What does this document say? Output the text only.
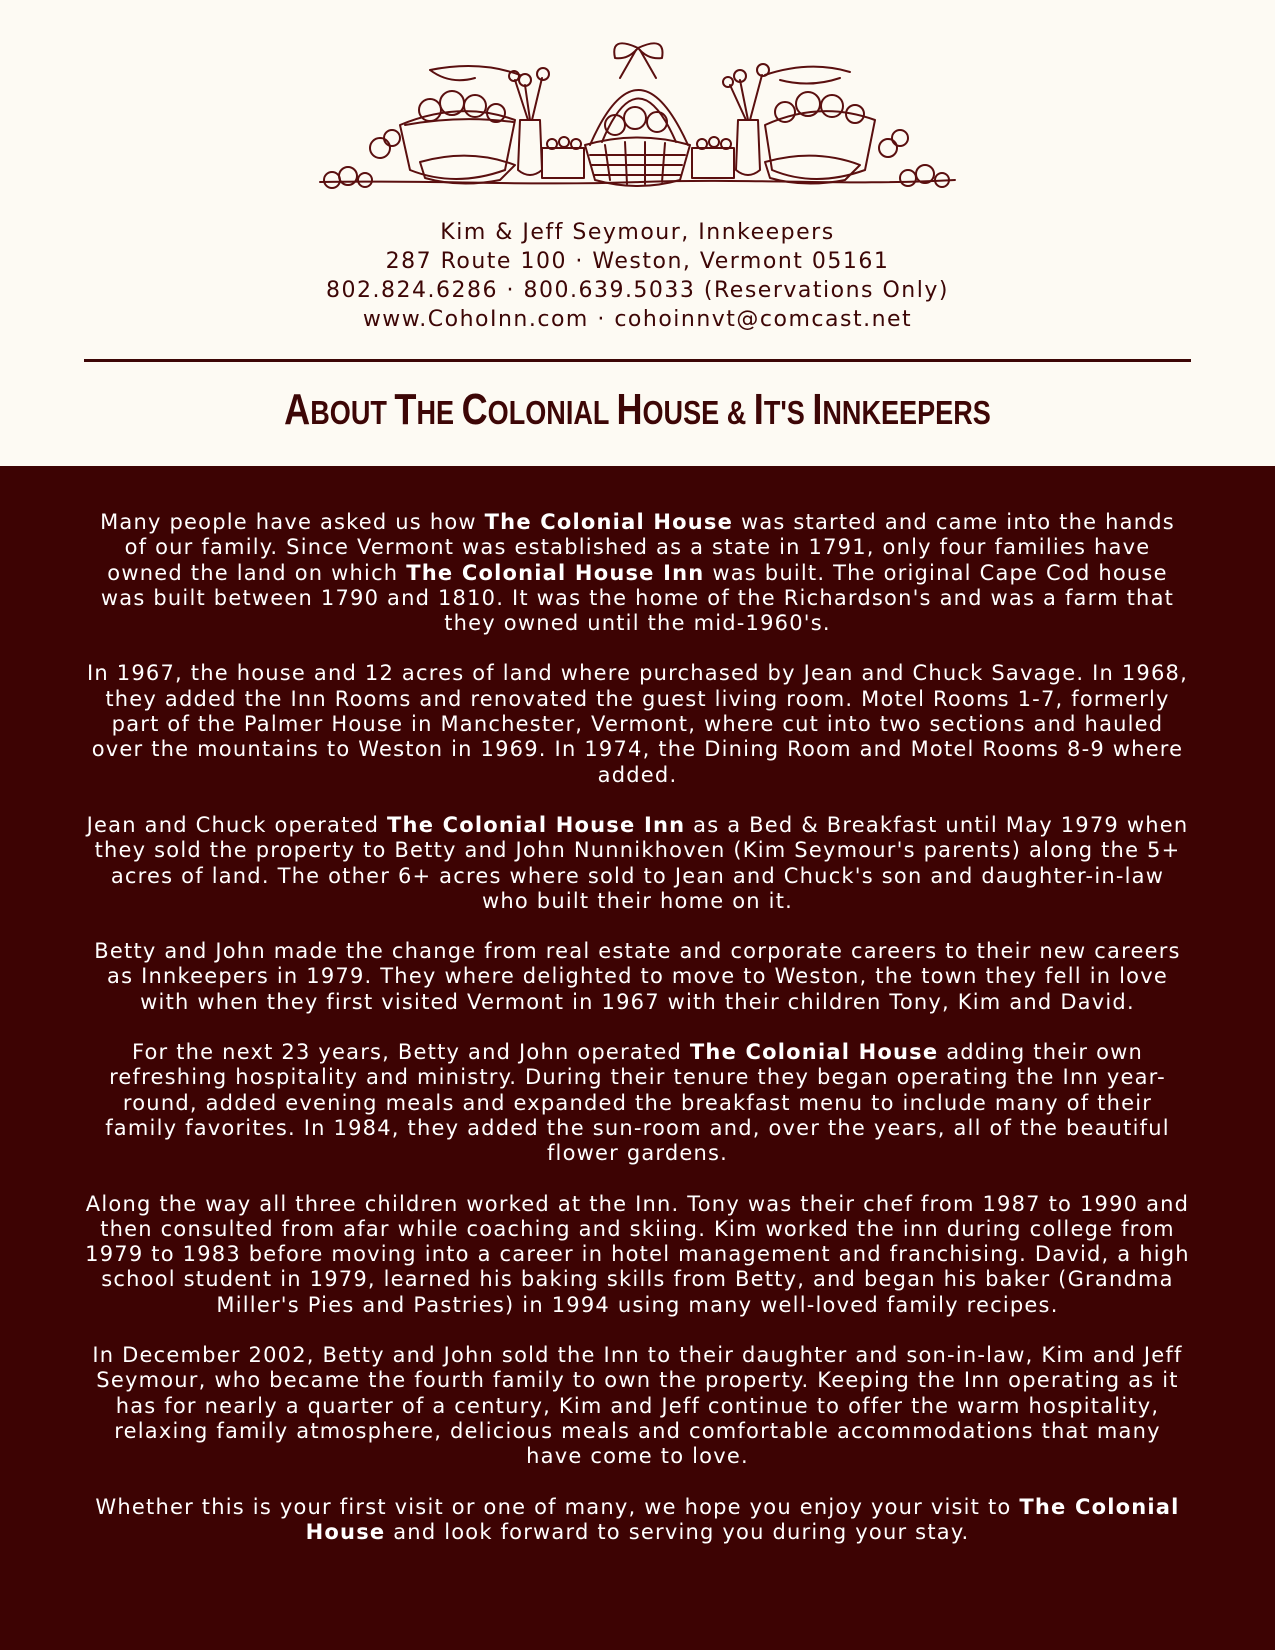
Kim & Jeff Seymour, Innkeepers
287 Route 100 · Weston, Vermont 05161
802.824.6286 · 800.639.5033 (Reservations Only)
www.CohoInn.com · cohoinnvt@comcast.net
ABOUT THE COLONIAL HOUSE & IT'S INNKEEPERS

Many people have asked us how The Colonial House was started and came into the hands of our family. Since Vermont was established as a state in 1791, only four families have owned the land on which The Colonial House Inn was built. The original Cape Cod house was built between 1790 and 1810. It was the home of the Richardson's and was a farm that they owned until the mid-1960's.

In 1967, the house and 12 acres of land where purchased by Jean and Chuck Savage. In 1968, they added the Inn Rooms and renovated the guest living room. Motel Rooms 1-7, formerly part of the Palmer House in Manchester, Vermont, where cut into two sections and hauled over the mountains to Weston in 1969. In 1974, the Dining Room and Motel Rooms 8-9 where added.

Jean and Chuck operated The Colonial House Inn as a Bed & Breakfast until May 1979 when they sold the property to Betty and John Nunnikhoven (Kim Seymour's parents) along the 5+ acres of land. The other 6+ acres where sold to Jean and Chuck's son and daughter-in-law who built their home on it.

Betty and John made the change from real estate and corporate careers to their new careers as Innkeepers in 1979. They where delighted to move to Weston, the town they fell in love with when they first visited Vermont in 1967 with their children Tony, Kim and David.

For the next 23 years, Betty and John operated The Colonial House adding their own refreshing hospitality and ministry. During their tenure they began operating the Inn year-round, added evening meals and expanded the breakfast menu to include many of their family favorites. In 1984, they added the sun-room and, over the years, all of the beautiful flower gardens.

Along the way all three children worked at the Inn. Tony was their chef from 1987 to 1990 and then consulted from afar while coaching and skiing. Kim worked the inn during college from 1979 to 1983 before moving into a career in hotel management and franchising. David, a high school student in 1979, learned his baking skills from Betty, and began his baker (Grandma Miller's Pies and Pastries) in 1994 using many well-loved family recipes.

In December 2002, Betty and John sold the Inn to their daughter and son-in-law, Kim and Jeff Seymour, who became the fourth family to own the property. Keeping the Inn operating as it has for nearly a quarter of a century, Kim and Jeff continue to offer the warm hospitality, relaxing family atmosphere, delicious meals and comfortable accommodations that many have come to love.

Whether this is your first visit or one of many, we hope you enjoy your visit to The Colonial House and look forward to serving you during your stay.
